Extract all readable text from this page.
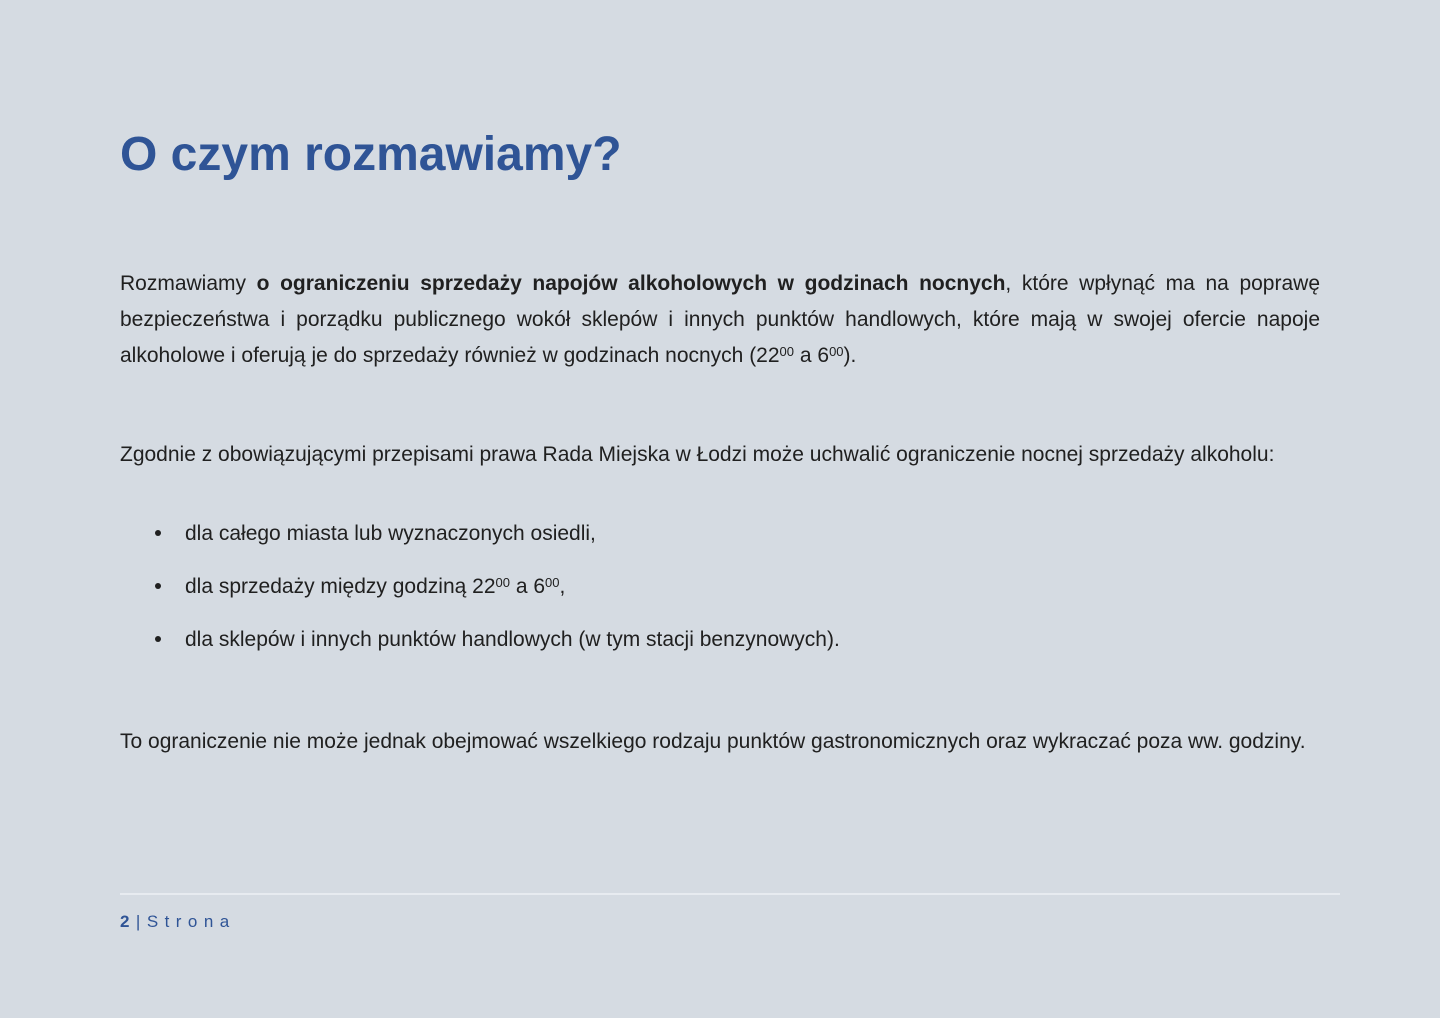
O czym rozmawiamy?

Rozmawiamy o ograniczeniu sprzedaży napojów alkoholowych w godzinach nocnych, które wpłynąć ma na poprawę bezpieczeństwa i porządku publicznego wokół sklepów i innych punktów handlowych, które mają w swojej ofercie napoje alkoholowe i oferują je do sprzedaży również w godzinach nocnych ($22^{00}$ a $6^{00}$).

Zgodnie z obowiązującymi przepisami prawa Rada Miejska w Łodzi może uchwalić ograniczenie nocnej sprzedaży alkoholu:

dla całego miasta lub wyznaczonych osiedli,
dla sprzedaży między godziną $22^{00}$ a $6^{00}$,
dla sklepów i innych punktów handlowych (w tym stacji benzynowych).

To ograniczenie nie może jednak obejmować wszelkiego rodzaju punktów gastronomicznych oraz wykraczać poza ww. godziny.

2|Strona
